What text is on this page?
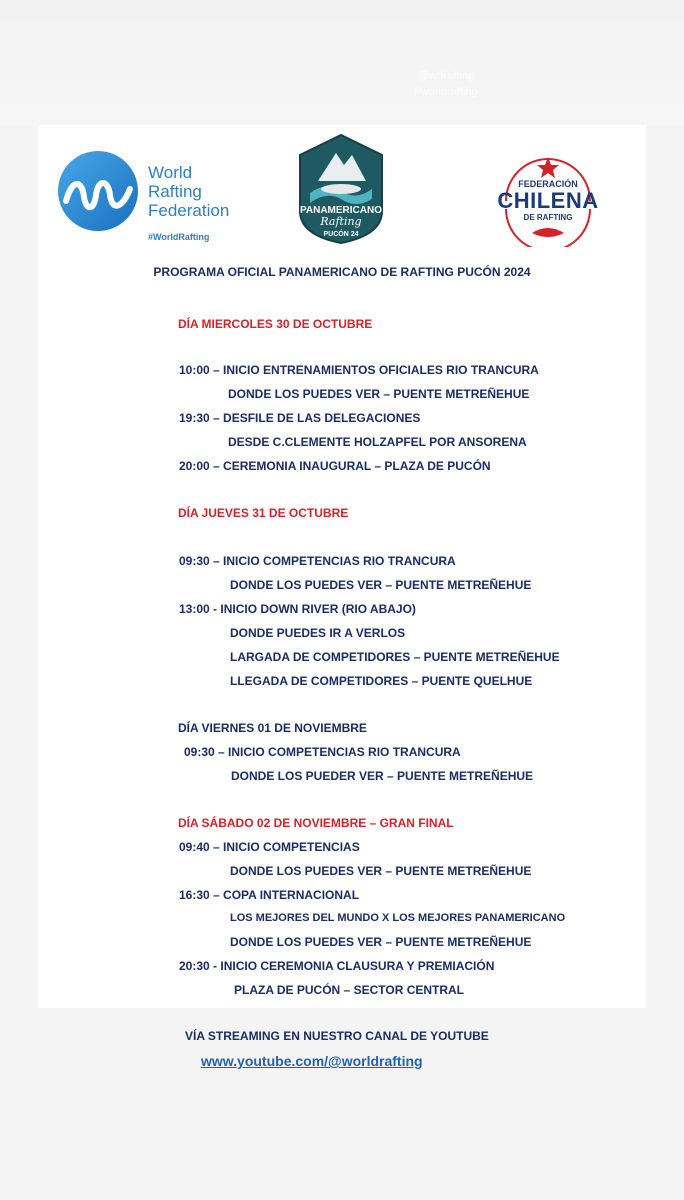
@wrfrafting
#worldrafting
World
Rafting
Federation
#WorldRafting
PANAMERICANO
Rafting
PUCÓN 24
FEDERACIÓN
CHILENA
DE RAFTING
PROGRAMA OFICIAL PANAMERICANO DE RAFTING PUCÓN 2024
DÍA MIERCOLES 30 DE OCTUBRE
10:00 – INICIO ENTRENAMIENTOS OFICIALES RIO TRANCURA
DONDE LOS PUEDES VER – PUENTE METREÑEHUE
19:30 – DESFILE DE LAS DELEGACIONES
DESDE C.CLEMENTE HOLZAPFEL POR ANSORENA
20:00 – CEREMONIA INAUGURAL – PLAZA DE PUCÓN
DÍA JUEVES 31 DE OCTUBRE
09:30 – INICIO COMPETENCIAS RIO TRANCURA
DONDE LOS PUEDES VER – PUENTE METREÑEHUE
13:00 - INICIO DOWN RIVER (RIO ABAJO)
DONDE PUEDES IR A VERLOS
LARGADA DE COMPETIDORES – PUENTE METREÑEHUE
LLEGADA DE COMPETIDORES – PUENTE QUELHUE
DÍA VIERNES 01 DE NOVIEMBRE
09:30 – INICIO COMPETENCIAS RIO TRANCURA
DONDE LOS PUEDER VER – PUENTE METREÑEHUE
DÍA SÁBADO 02 DE NOVIEMBRE – GRAN FINAL
09:40 – INICIO COMPETENCIAS
DONDE LOS PUEDES VER – PUENTE METREÑEHUE
16:30 – COPA INTERNACIONAL
LOS MEJORES DEL MUNDO X LOS MEJORES PANAMERICANO
DONDE LOS PUEDES VER – PUENTE METREÑEHUE
20:30 - INICIO CEREMONIA CLAUSURA Y PREMIACIÓN
PLAZA DE PUCÓN – SECTOR CENTRAL
VÍA STREAMING EN NUESTRO CANAL DE YOUTUBE
www.youtube.com/@worldrafting
